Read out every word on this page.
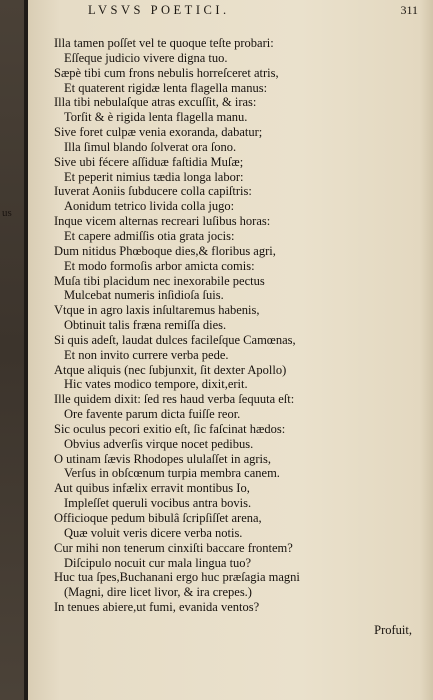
us
LVSVS POETICI.	311
Illa tamen poſſet vel te quoque teſte probari:
Eſſeque judicio vivere digna tuo.
Sæpè tibi cum frons nebulis horreſceret atris,
Et quaterent rigidæ lenta flagella manus:
Illa tibi nebulaſque atras excuſſit, & iras:
Torſit & è rigida lenta flagella manu.
Sive foret culpæ venia exoranda, dabatur;
Illa ſimul blando ſolverat ora ſono.
Sive ubi fécere aſſiduæ faſtidia Muſæ;
Et peperit nimius tædia longa labor:
Iuverat Aoniis ſubducere colla capiſtris:
Aonidum tetrico livida colla jugo:
Inque vicem alternas recreari luſibus horas:
Et capere admiſſis otia grata jocis:
Dum nitidus Phœboque dies,& floribus agri,
Et modo formoſis arbor amicta comis:
Muſa tibi placidum nec inexorabile pectus
Mulcebat numeris inſidioſa ſuis.
Vtque in agro laxis inſultaremus habenis,
Obtinuit talis fræna remiſſa dies.
Si quis adeſt, laudat dulces facileſque Camœnas,
Et non invito currere verba pede.
Atque aliquis (nec ſubjunxit, ſit dexter Apollo)
Hic vates modico tempore, dixit,erit.
Ille quidem dixit: ſed res haud verba ſequuta eſt:
Ore favente parum dicta fuiſſe reor.
Sic oculus pecori exitio eſt, ſic faſcinat hædos:
Obvius adverſis virque nocet pedibus.
O utinam ſævis Rhodopes ululaſſet in agris,
Verſus in obſcœnum turpia membra canem.
Aut quibus infælix erravit montibus Io,
Impleſſet queruli vocibus antra bovis.
Officioque pedum bibulâ ſcripſiſſet arena,
Quæ voluit veris dicere verba notis.
Cur mihi non tenerum cinxiſti baccare frontem?
Diſcipulo nocuit cur mala lingua tuo?
Huc tua ſpes,Buchanani ergo huc præſagia magni
(Magni, dire licet livor, & ira crepes.)
In tenues abiere,ut fumi, evanida ventos?
Profuit,
